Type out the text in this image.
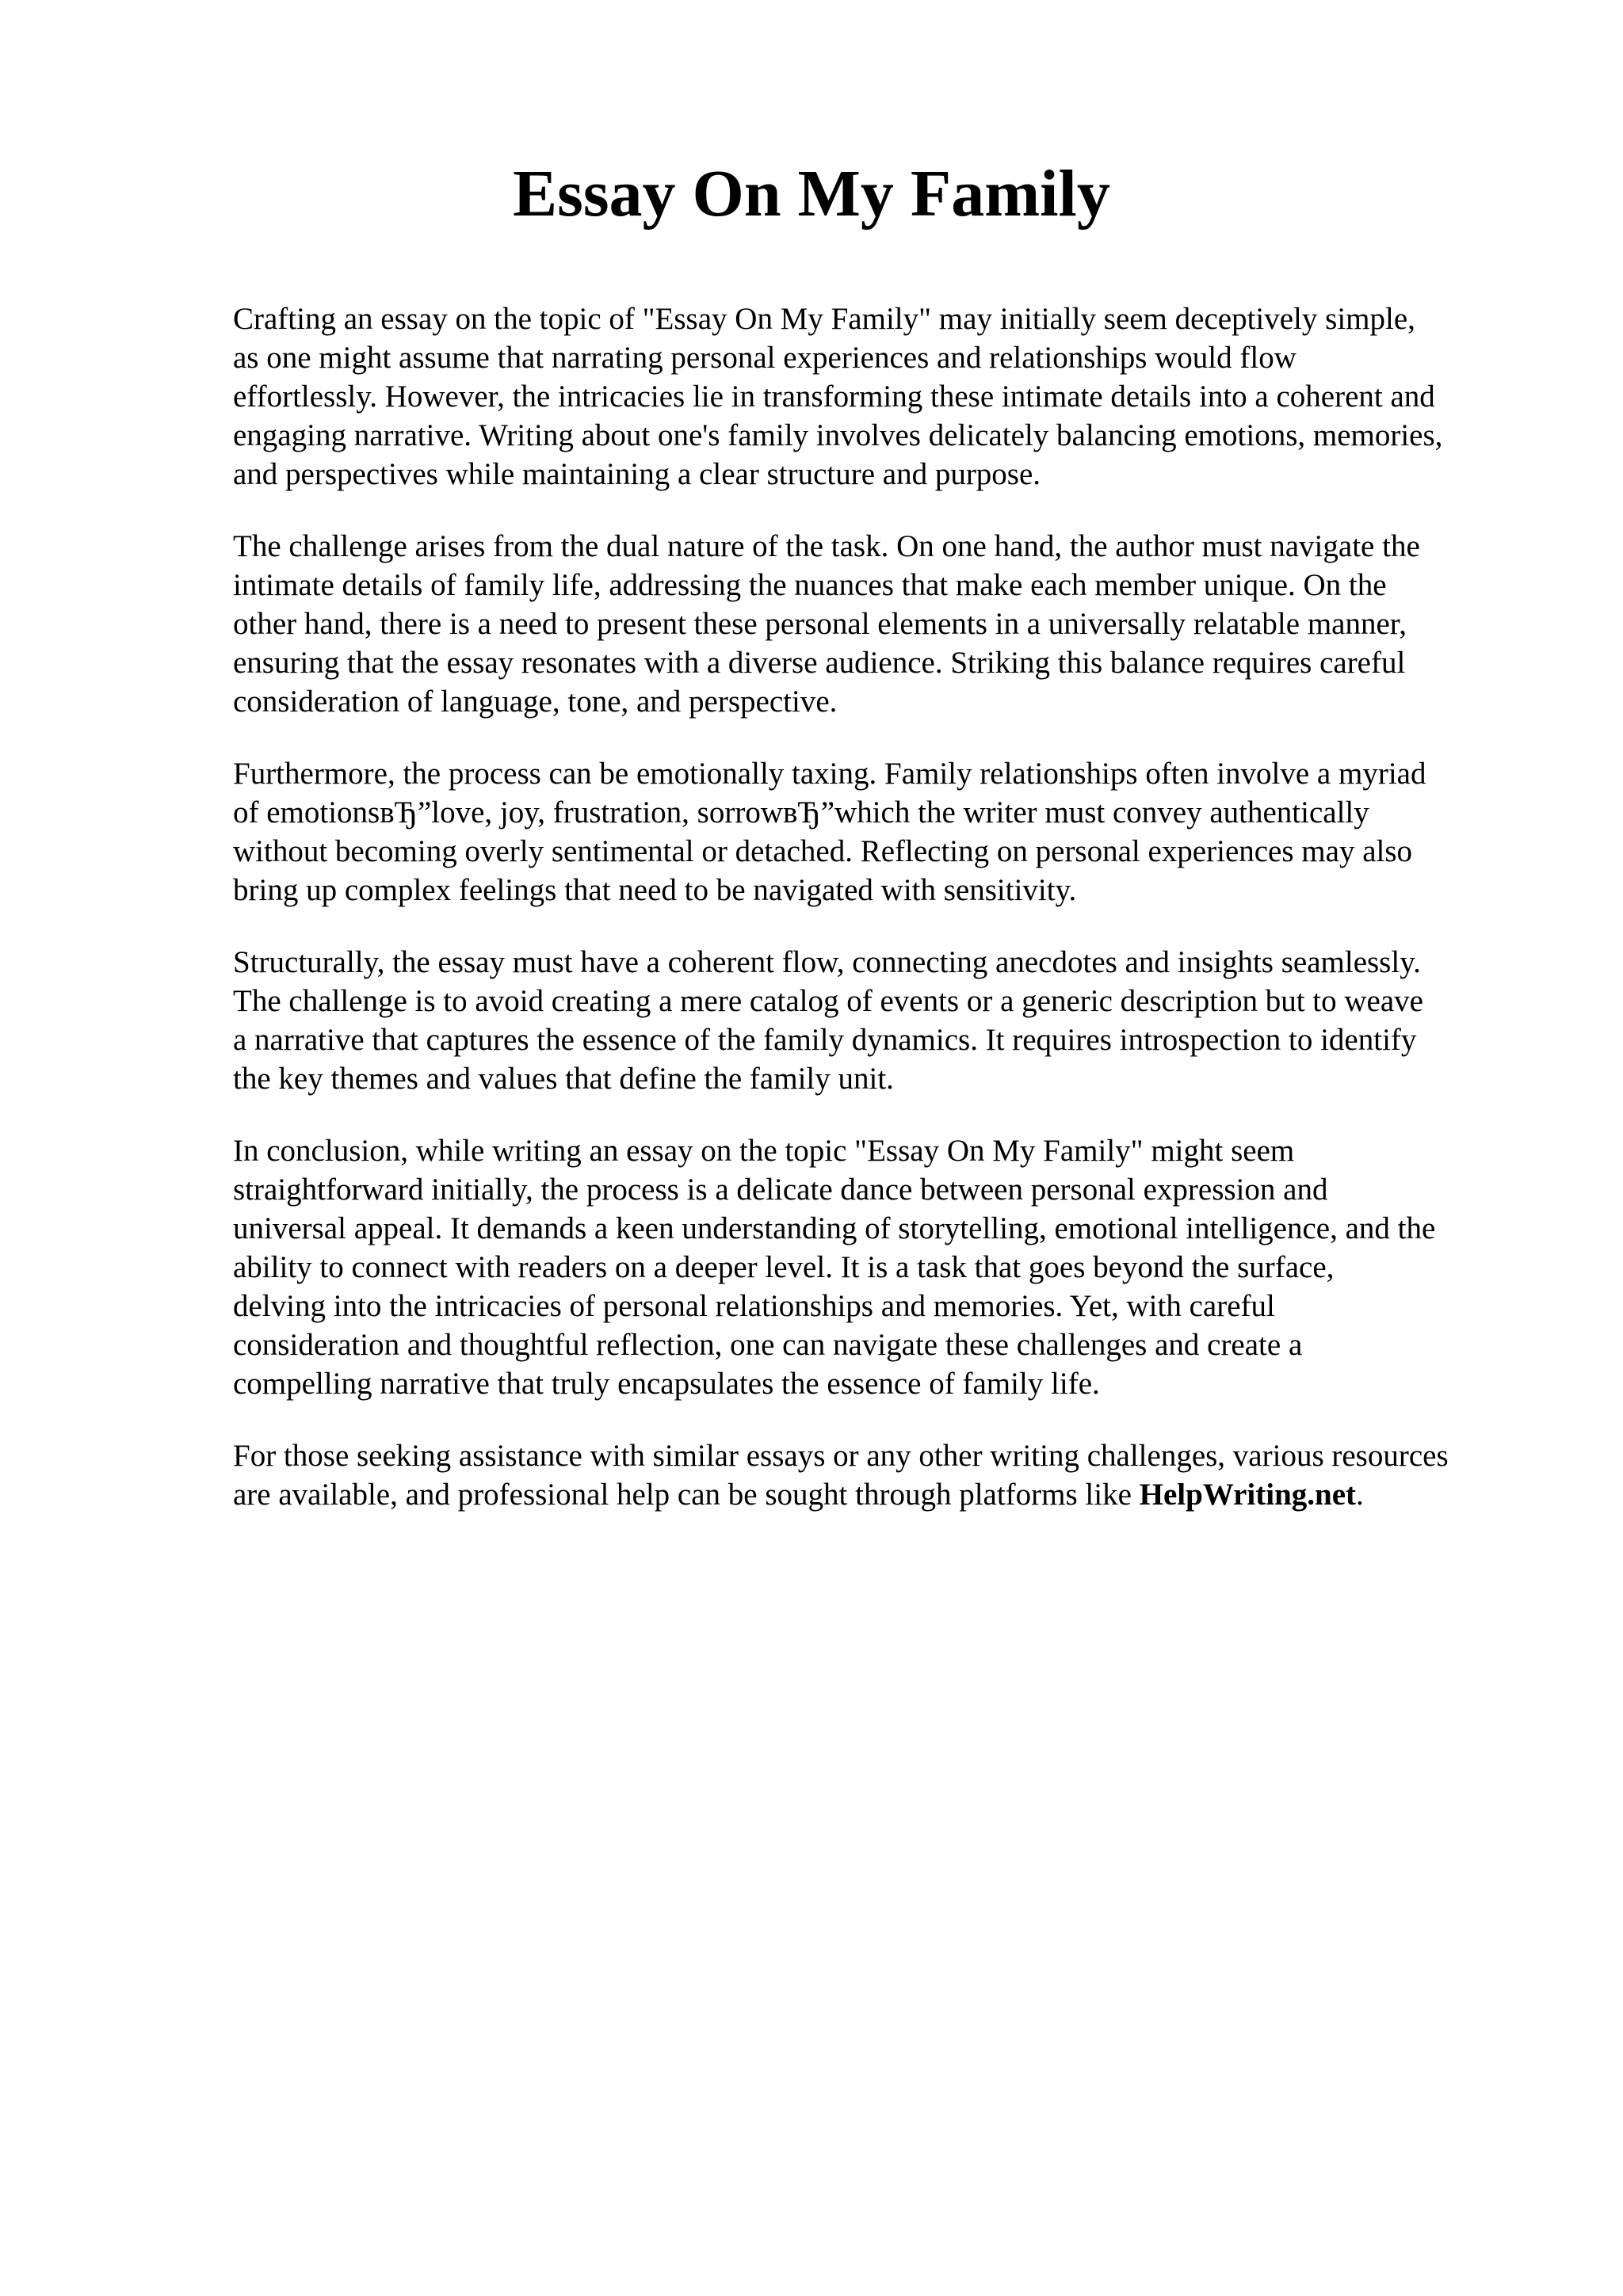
Essay On My Family

Crafting an essay on the topic of "Essay On My Family" may initially seem deceptively simple,
as one might assume that narrating personal experiences and relationships would flow
effortlessly. However, the intricacies lie in transforming these intimate details into a coherent and
engaging narrative. Writing about one's family involves delicately balancing emotions, memories,
and perspectives while maintaining a clear structure and purpose.

The challenge arises from the dual nature of the task. On one hand, the author must navigate the
intimate details of family life, addressing the nuances that make each member unique. On the
other hand, there is a need to present these personal elements in a universally relatable manner,
ensuring that the essay resonates with a diverse audience. Striking this balance requires careful
consideration of language, tone, and perspective.

Furthermore, the process can be emotionally taxing. Family relationships often involve a myriad
of emotionsвЂ”love, joy, frustration, sorrowвЂ”which the writer must convey authentically
without becoming overly sentimental or detached. Reflecting on personal experiences may also
bring up complex feelings that need to be navigated with sensitivity.

Structurally, the essay must have a coherent flow, connecting anecdotes and insights seamlessly.
The challenge is to avoid creating a mere catalog of events or a generic description but to weave
a narrative that captures the essence of the family dynamics. It requires introspection to identify
the key themes and values that define the family unit.

In conclusion, while writing an essay on the topic "Essay On My Family" might seem
straightforward initially, the process is a delicate dance between personal expression and
universal appeal. It demands a keen understanding of storytelling, emotional intelligence, and the
ability to connect with readers on a deeper level. It is a task that goes beyond the surface,
delving into the intricacies of personal relationships and memories. Yet, with careful
consideration and thoughtful reflection, one can navigate these challenges and create a
compelling narrative that truly encapsulates the essence of family life.

For those seeking assistance with similar essays or any other writing challenges, various resources
are available, and professional help can be sought through platforms like HelpWriting.net.
